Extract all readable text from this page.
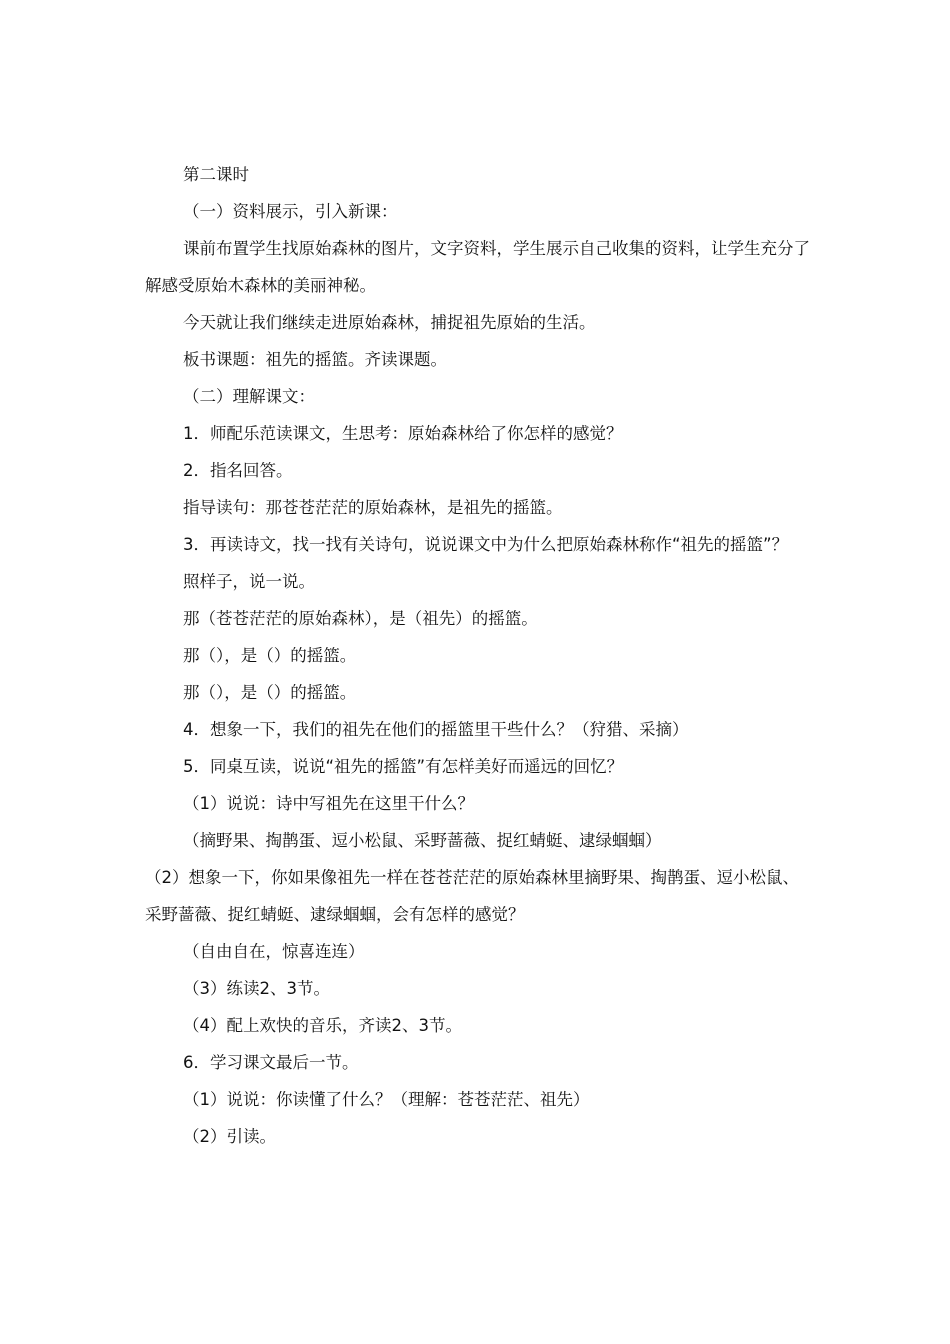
第二课时

（一）资料展示，引入新课：

课前布置学生找原始森林的图片，文字资料，学生展示自己收集的资料，让学生充分了解感受原始木森林的美丽神秘。

今天就让我们继续走进原始森林，捕捉祖先原始的生活。

板书课题：祖先的摇篮。齐读课题。

（二）理解课文：

1．师配乐范读课文，生思考：原始森林给了你怎样的感觉？

2．指名回答。

指导读句：那苍苍茫茫的原始森林，是祖先的摇篮。

3．再读诗文，找一找有关诗句，说说课文中为什么把原始森林称作“祖先的摇篮”？

照样子，说一说。

那（苍苍茫茫的原始森林），是（祖先）的摇篮。

那（），是（）的摇篮。

那（），是（）的摇篮。

4．想象一下，我们的祖先在他们的摇篮里干些什么？（狩猎、采摘）

5．同桌互读，说说“祖先的摇篮”有怎样美好而遥远的回忆？

（1）说说：诗中写祖先在这里干什么？

（摘野果、掏鹊蛋、逗小松鼠、采野蔷薇、捉红蜻蜓、逮绿蝈蝈）

（2）想象一下，你如果像祖先一样在苍苍茫茫的原始森林里摘野果、掏鹊蛋、逗小松鼠、采野蔷薇、捉红蜻蜓、逮绿蝈蝈，会有怎样的感觉？

（自由自在，惊喜连连）

（3）练读2、3节。

（4）配上欢快的音乐，齐读2、3节。

6．学习课文最后一节。

（1）说说：你读懂了什么？（理解：苍苍茫茫、祖先）

（2）引读。
